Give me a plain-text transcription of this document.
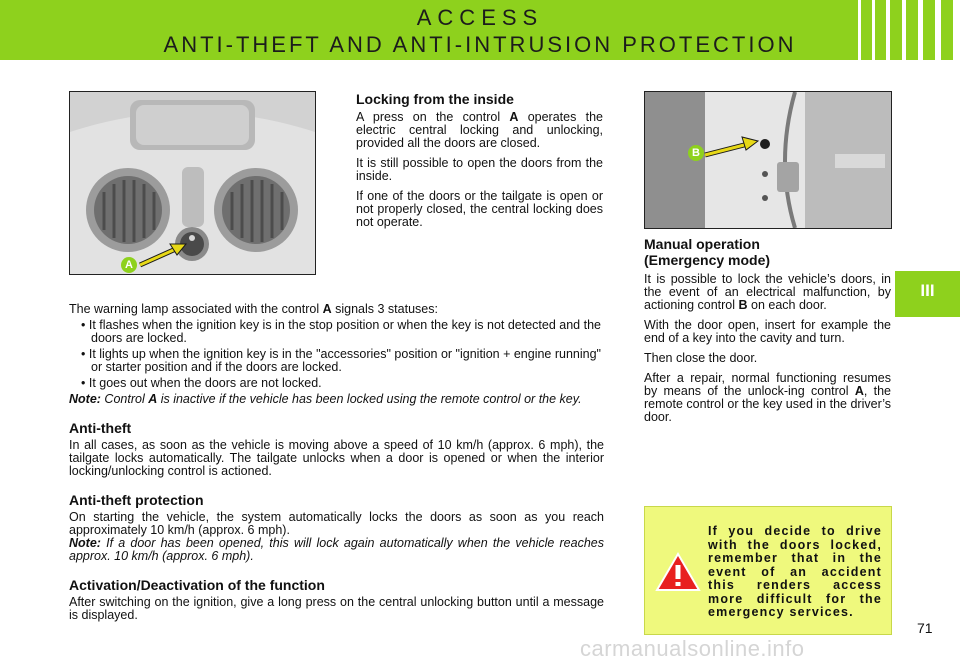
ACCESS
ANTI-THEFT AND ANTI-INTRUSION PROTECTION
III
A
B
Locking from the inside

A press on the control A operates the electric central locking and unlocking, provided all the doors are closed.

It is still possible to open the doors from the inside.

If one of the doors or the tailgate is open or not properly closed, the central locking does not operate.

Manual operation
(Emergency mode)

It is possible to lock the vehicle’s doors, in the event of an electrical malfunction, by actioning control B on each door.

With the door open, insert for example the end of a key into the cavity and turn.

Then close the door.

After a repair, normal functioning resumes by means of the unlock-ing control A, the remote control or the key used in the driver’s door.

The warning lamp associated with the control A signals 3 statuses:

• It flashes when the ignition key is in the stop position or when the key is not detected and the doors are locked.
• It lights up when the ignition key is in the "accessories" position or "ignition + engine running" or starter position and if the doors are locked.
• It goes out when the doors are not locked.

Note: Control A is inactive if the vehicle has been locked using the remote control or the key.

Anti-theft

In all cases, as soon as the vehicle is moving above a speed of 10 km/h (approx. 6 mph), the tailgate locks automatically. The tailgate unlocks when a door is opened or when the interior locking/unlocking control is actioned.

Anti-theft protection

On starting the vehicle, the system automatically locks the doors as soon as you reach approximately 10 km/h (approx. 6 mph).

Note: If a door has been opened, this will lock again automatically when the vehicle reaches approx. 10 km/h (approx. 6 mph).

Activation/Deactivation of the function

After switching on the ignition, give a long press on the central unlocking button until a message is displayed.

If you decide to drive with the doors locked, remember that in the event of an accident this renders access more difficult for the emergency services.
71
carmanualsonline.info
